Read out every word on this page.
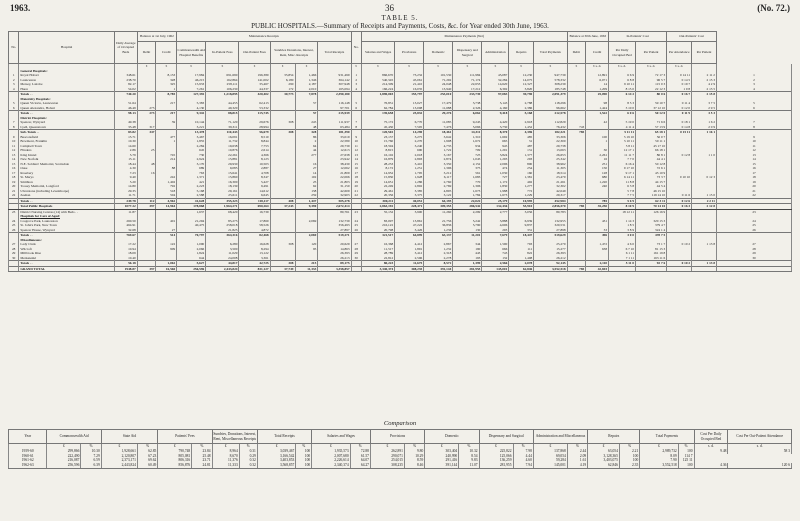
1963.	36	(No. 72.)
TABLE 5.
PUBLIC HOSPITALS.—Summary of Receipts and Payments, Costs, &c. for Year ended 30th June, 1963.
No.	Hospital	Daily Average of Occupied Beds	Balance at 1st July, 1962		Maintenance Receipts						No.	Maintenance Payments (Net)							Balance at 30th June, 1963		In-Patients' Cost		Out-Patients' Cost		
			Debit	Credit	Commonwealth Aid Hospital Benefits	In-Patient Fees	Out-Patient Fees	Sundries Donations, Interest, Rent, Misc. Receipts		Total Receipts		Salaries and Wages	Provisions	Domestic	Dispensary and Surgical	Administration	Repairs	Total Payments	Debit	Credit	Per Daily Occupied Bed	Per Patient	Per Attendance	Per Patient	

			£	£	£	£	£	£	£		£	£	£	£	£	£	£	£	£	£ s. d.	£ s. d.	£ s. d.	£ s. d.		
	General Hospitals:																								
1	Royal Hobart	348.61		8,133	17,984	691,690	196,380	35,854	1,466	931,499	1	866,670	73,232	101,530	111,984	45,087	12,230	947,739		12,891	6 6 9	72 17 3	0 14 11	2 11 2	1
2	Launceston	238.70		328	46,215	162,864	141,002	6,180	1,346	364,142	2	540,345	45,061	71,292	71,174	32,284	14,075	578,332		6,071	6 8 8	96 5 7	0 14 5	2 15 3	2
3	Mersey, Latrobe	82.17		325	15,933	258,111	35,467	290	2,187	307,948	3	214,309	21,410	24,048	22,653	14,620	12,327	308,239		14	9 10 11	115 0 3	0 19 7	4 2 9	3
4	Huon	54.02		1	7,261	106,230	44,337	172	2,010	165,094	4	166,224	16,035	13,940	17,212	6,392	3,820	185,748		1,209	8 15 0	22 12 3	1 0 8	2 13 5	4
	Totals . .	740.20		8,785	127,392	1,218,895	420,402	30,773	7,878	2,390,180		1,890,003	155,797	253,010	233,739	97,083	39,790	2,091,379		25,090	6 14 2	80 0 6	0 16 7	2 15 8	
	Maternity Hospitals:																								
5	Queen Victoria, Launceston	51.64		217	5,383	44,455	62,413		57	116,148	5	76,831	13,027	17,479	3,738	5,143	2,788	118,296		98	8 5 3	59 10 7	0 11 4	3 7 5	5
6	Queen Alexandra, Hobart	46.49	273		4,130	49,320	53,332			97,701	6	62,784	13,008	11,688	2,326	4,160	2,386	96,662		1,424	3 10 0	37 12 10	0 12 0	2 9 5	6
	Totals . .	98.13	273	217	9,342	88,815	115,745		57	215,939		139,658	25,832	29,276	6,062	9,418	5,168	212,578		1,522	6 0 6	50 12 0	0 11 9	3 5 3	
	District Hospitals:																								
7	Spencer, Wynyard	49.38		39	10,144	71,120	29,676	308	245	111,937	7	75,172	6,770	11,085	9,245	4,420	2,918	112,829		42	5 19 0	71 6 6	0 18 1	1 6 2	7
8	Lyell, Queenstown	33.48	317		3,221	39,311	28,994		48	63,484	8	45,430	7,505	7,476	5,066	3,730	1,452	76,432	743		4 11 4	57 13 9	0 14 8	2 0 9	8
	Sub-Totals . .	83.82	347		13,478	110,443	56,679	308	328	181,390		120,502	14,290	18,461	14,311	8,370	4,396	182,321	785		5 11 11	65 18 1	0 15 11	1 16 1	
9	Beaconsfield	15.71		477	3,467	16,091	8,510		86	33,019	9	23,137	3,275	3,642	1,310	1,692	485	33,306		100	5 19 10	56 0 7			9
10	Bowmont, Franklin	10.30		1	1,855	11,732	8,844		2	22,580	10	15,760	2,270	1,908	1,672	665	31	22,300		1	5 10 11	50 11 1			10
11	Campbell Town	14.60			2,284	19,638	7,753		64	29,739	11	18,594	3,240	4,735	934	945	487	29,738			5 8 11	45 17 10			11
12	Flinders	2.86	25		645	10,876	2,614		44	12,613	12	8,815	690	1,722	709	1,291	131	13,063		30	12 17 1	66 18 1			12
13	King Island	5.79		745	730	22,261	4,366		277	27,638	13	16,102	2,018	3,167	725	3,824	1,377	26,653		2,261	11 11 7	86 8 1	0 12 8	1 1 0	13
14	New Norfolk	15.11		214	2,924	15,881	8,123			23,942	14	16,879	2,893	2,874	1,045	1,293	293	25,342		16	7 7 0	44 4 1			14
15	N.E. Soldiers' Memorial, Scottsdale	18.44	48		3,170	29,930	10,503		16	38,430	15	28,233	3,410	3,350	2,152	2,096	800	38,962		251	6 16 4	50 12 8			15
16	Ouse	4.30		88	689	9,085	2,887		27	12,062	16	8,172	1,251	1,396	375	474	254	11,305		150	9 17 10	72 6 1			16
17	Rosebery	7.23	16		763	15,641	4,708		14	21,809	17	14,952	1,795	3,212	561	1,030	160	18,514		128	9 17 1	43 10 9			17
18	St. Marys	9.40		242	1,371	15,860	8,347		102	22,066	18	15,830	1,928	6,117	1,683	727	1,381	23,470		680	6 14 11	73 3 7	0 10 10	0 12 3	18
19	Smithton	5.20		1,402	421	16,300	5,427		25	21,803	19	14,651	1,286	2,760	770	1,172	492	21,261		1,220	11 8 8	44 15 7			19
20	Toosey Memorial, Longford	14.80		792	2,223	18,139	9,491		62	31,150	20	22,249	2,802	2,769	1,306	1,830	1,277	32,302		240	6 3 8	44 5 4			20
21	Ulverstone (including Leventhorpe)	29.35		518	5,168	29,161	14,612		138	42,609	21	29,461	3,385	4,805	1,673	1,988	772	42,049			5 7 8	46 15 10			21
22	Zeehan	11.71		504	2,588	25,611	6,645		259	32,903	22	20,356	3,375	3,122	1,784	1,673	1,229	29,317			7 7 5	119 14 10	0 11 6	1 15 0	22
	Totals . .	249.78	112	4,962	41,628	355,323	118,117	408	1,447	505,278		300,211	40,051	64,195	22,022	25,179	10,995	452,984		785	5 6 9	62 3 11	0 12 6	2 2 11	
	Total Public Hospitals	1077.22	397	14,964	178,868	1,964,271	690,264	37,243	9,390	2,672,414		2,863,192	228,471	309,355	286,542	132,436	55,910	2,856,570	785	35,250	8 10 9	70 14 10	0 16 3	2 12 8	
23	District Nursing Centres (14) with Beds . .	11.87			1,637	68,420	16,739			80,761	23	55,132	3,900	11,260	2,299	2,777	3,056	80,783			18 12 11	126 16 9			23
	Hospitals for Care of Aged:																								
24	Cosgrove Park, Launceston	260.50		401	21,294	85,273	17,860		2,069	132,739	24	83,097	13,861	21,756	5,242	3,888	6,939	132,955		431	1 14 3	320 15 3			24
25	St. John's Park, New Town	464.91			40,475	258,018	58,526			356,493	25	216,122	47,222	36,836	5,790	4,606	9,837	320,531			1 8 5	379 4 7			25
26	Spencer House, Wynyard	32.68		27		21,825	4,872			27,897	26	20,798	3,426	1,236	130	293	331	27,898		33	3 8 9	324 1 4			26
	Totals . .	769.67		514	70,797	364,316	82,468		2,069	519,271		321,517	64,899	63,137	11,201	7,679	18,447	519,629		496	3 0 0	478 7 5			
	Miscellaneous:																								
27	Lady Clark	17.22		122	1,090	6,280	16,628	308	120	20,629	27	16,368	4,412	2,867	344	1,590	793	25,270		1,472	4 6 0	73 1 7	0 10 2	1 13 8	27
28	Wilcroft	10.94		909	2,066	3,500	8,294		95	14,863	28	11,517	1,891	1,232	190	666	111	15,277		638	6 7 10	81 15 3			28
29	Millbrook Rise	18.09			1,824	11,029	13,122			26,393	29	28,789	3,412	2,318	443	743	822	26,393			6 1 11	161 19 8			29
30	Merketenkl	10.40			644	24,008	3,361			26,213	30	22,812	2,596	2,278	193	132	1,408	26,212			7 1 11	163 11 6			30
	Totals . .	56.18		1,062	5,627	44,817	42,725	308	215	89,175		80,223	11,675	8,572	1,399	2,566	2,078	92,145		2,110	5 11 0	92 7 6	0 10 2	1 13 8	
	GRAND TOTAL	1948.87	397	16,560	256,596	2,443,824	831,127	37,749	11,333	3,358,857		3,340,374	308,235	391,144	281,955	145,001	62,846	3,552,518	785	42,693					
Comparison
Year	Commonwealth Aid		State Aid		Patients' Fees		Sundries, Donations, Interest, Rent, Miscellaneous Receipts		Total Receipts		Salaries and Wages		Provisions		Domestic		Dispensary and Surgical		Administration and Miscellaneous		Repairs		Total Payments		Cost Per Daily Occupied Bed	Cost Per Out-Patient Attendance
	£	%	£	%	£	%	£	%	£	%	£	%	£	%	£	%	£	%	£	%	£	%	£	%	s. d.	s. d.
1959-60	299,866	10.30	1,928,661	62.85	790,748	23.84	8,964	0.31	3,039,467	100	1,935,573	72.88	262,891	9.80	303,404	10.32	225,822	7.98	137,868	2.44	63,054	2.21	2,989,732	100	9.48	58 3
1960-61	222,490	7.29	2,120,807	67.23	805,081	25.48	8,670	0.29	3,166,542	100	2,007,680	61.57	290,071	10.29	240,990	8.54	125,066	4.44	69,054	2.09	3,128,365	100	8.09	114 7		
1961-62	216,087	6.59	2,373,171	69.62	806,316	23.71	11,376	0.32	3,403,853	100	2,226,614	64.07	254,015	8.59	291,416	9.83	136,259	4.60	59,284	1.61	3,403,075	100	7.90	125 11		
1962-63	256,596	6.39	2,443,824	60.49	856,876	24.81	11,333	0.32	3,568,857	100	2,340,374	64.27	308,235	8.46	391,144	11.07	281,955	7.94	145,001	4.19	62,846	2.35	3,552,518	100	4.36	120 6
